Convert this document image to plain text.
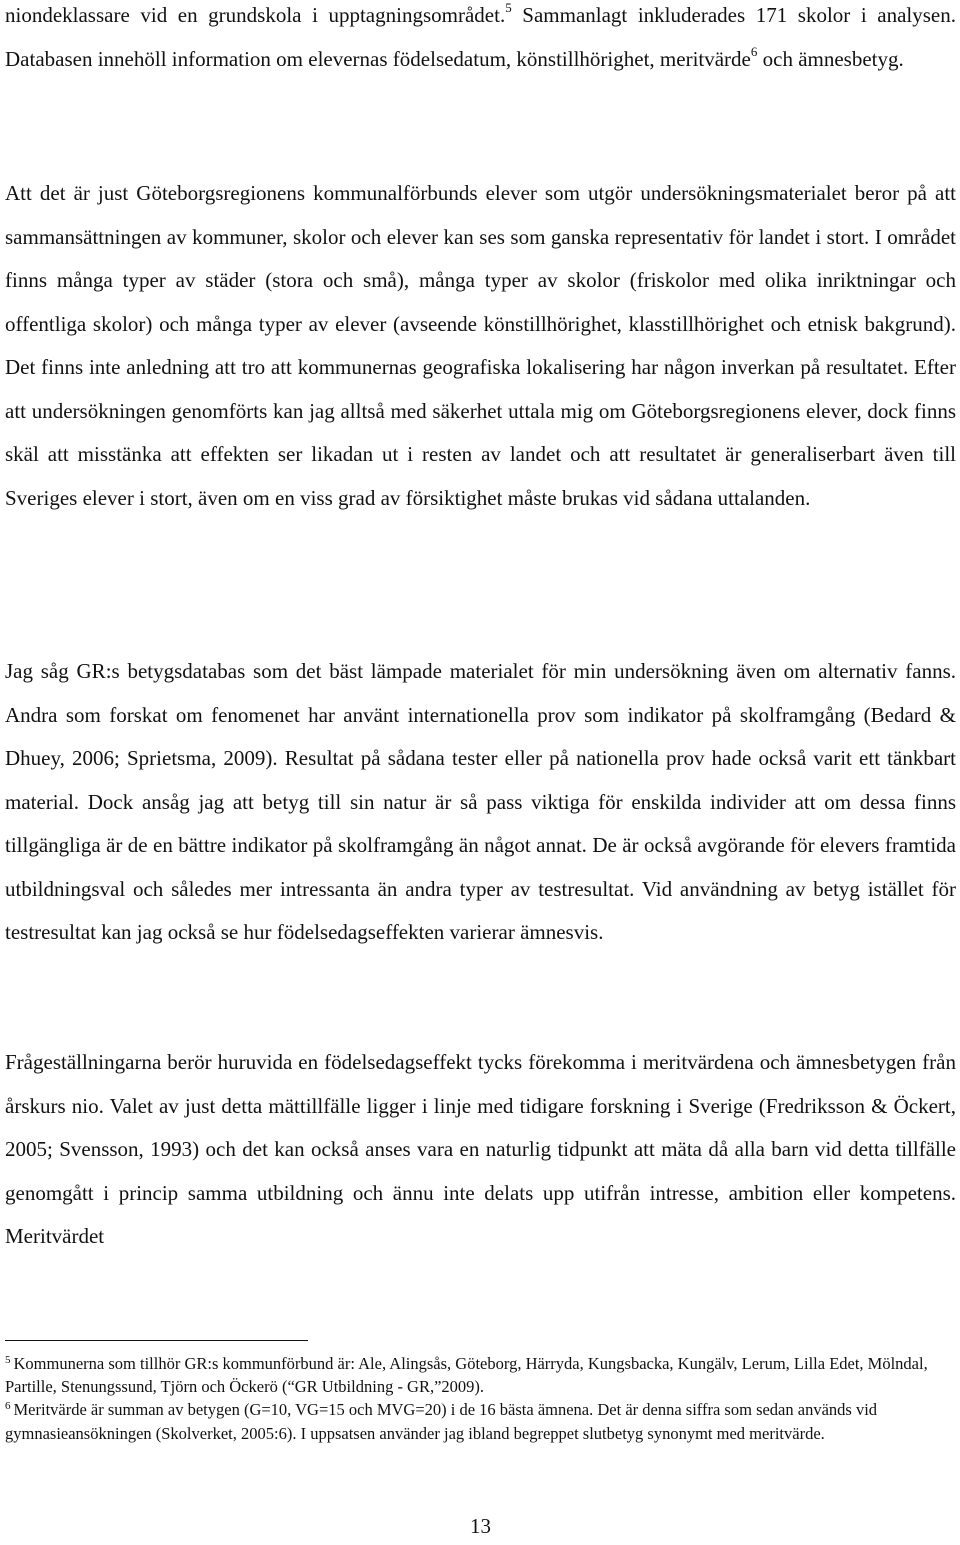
niondeklassare vid en grundskola i upptagningsområdet.$^5$ Sammanlagt inkluderades 171 skolor i analysen. Databasen innehöll information om elevernas födelsedatum, könstillhörighet, meritvärde$^6$ och ämnesbetyg.

Att det är just Göteborgsregionens kommunalförbunds elever som utgör undersökningsmaterialet beror på att sammansättningen av kommuner, skolor och elever kan ses som ganska representativ för landet i stort. I området finns många typer av städer (stora och små), många typer av skolor (friskolor med olika inriktningar och offentliga skolor) och många typer av elever (avseende könstillhörighet, klasstillhörighet och etnisk bakgrund). Det finns inte anledning att tro att kommunernas geografiska lokalisering har någon inverkan på resultatet. Efter att undersökningen genomförts kan jag alltså med säkerhet uttala mig om Göteborgsregionens elever, dock finns skäl att misstänka att effekten ser likadan ut i resten av landet och att resultatet är generaliserbart även till Sveriges elever i stort, även om en viss grad av försiktighet måste brukas vid sådana uttalanden.

Jag såg GR:s betygsdatabas som det bäst lämpade materialet för min undersökning även om alternativ fanns. Andra som forskat om fenomenet har använt internationella prov som indikator på skolframgång (Bedard & Dhuey, 2006; Sprietsma, 2009). Resultat på sådana tester eller på nationella prov hade också varit ett tänkbart material. Dock ansåg jag att betyg till sin natur är så pass viktiga för enskilda individer att om dessa finns tillgängliga är de en bättre indikator på skolframgång än något annat. De är också avgörande för elevers framtida utbildningsval och således mer intressanta än andra typer av testresultat. Vid användning av betyg istället för testresultat kan jag också se hur födelsedagseffekten varierar ämnesvis.

Frågeställningarna berör huruvida en födelsedagseffekt tycks förekomma i meritvärdena och ämnesbetygen från årskurs nio. Valet av just detta mättillfälle ligger i linje med tidigare forskning i Sverige (Fredriksson & Öckert, 2005; Svensson, 1993) och det kan också anses vara en naturlig tidpunkt att mäta då alla barn vid detta tillfälle genomgått i princip samma utbildning och ännu inte delats upp utifrån intresse, ambition eller kompetens. Meritvärdet

$^5$ Kommunerna som tillhör GR:s kommunförbund är: Ale, Alingsås, Göteborg, Härryda, Kungsbacka, Kungälv, Lerum, Lilla Edet, Mölndal, Partille, Stenungssund, Tjörn och Öckerö (“GR Utbildning - GR,”2009).

$^6$ Meritvärde är summan av betygen (G=10, VG=15 och MVG=20) i de 16 bästa ämnena. Det är denna siffra som sedan används vid gymnasieansökningen (Skolverket, 2005:6). I uppsatsen använder jag ibland begreppet slutbetyg synonymt med meritvärde.

13
